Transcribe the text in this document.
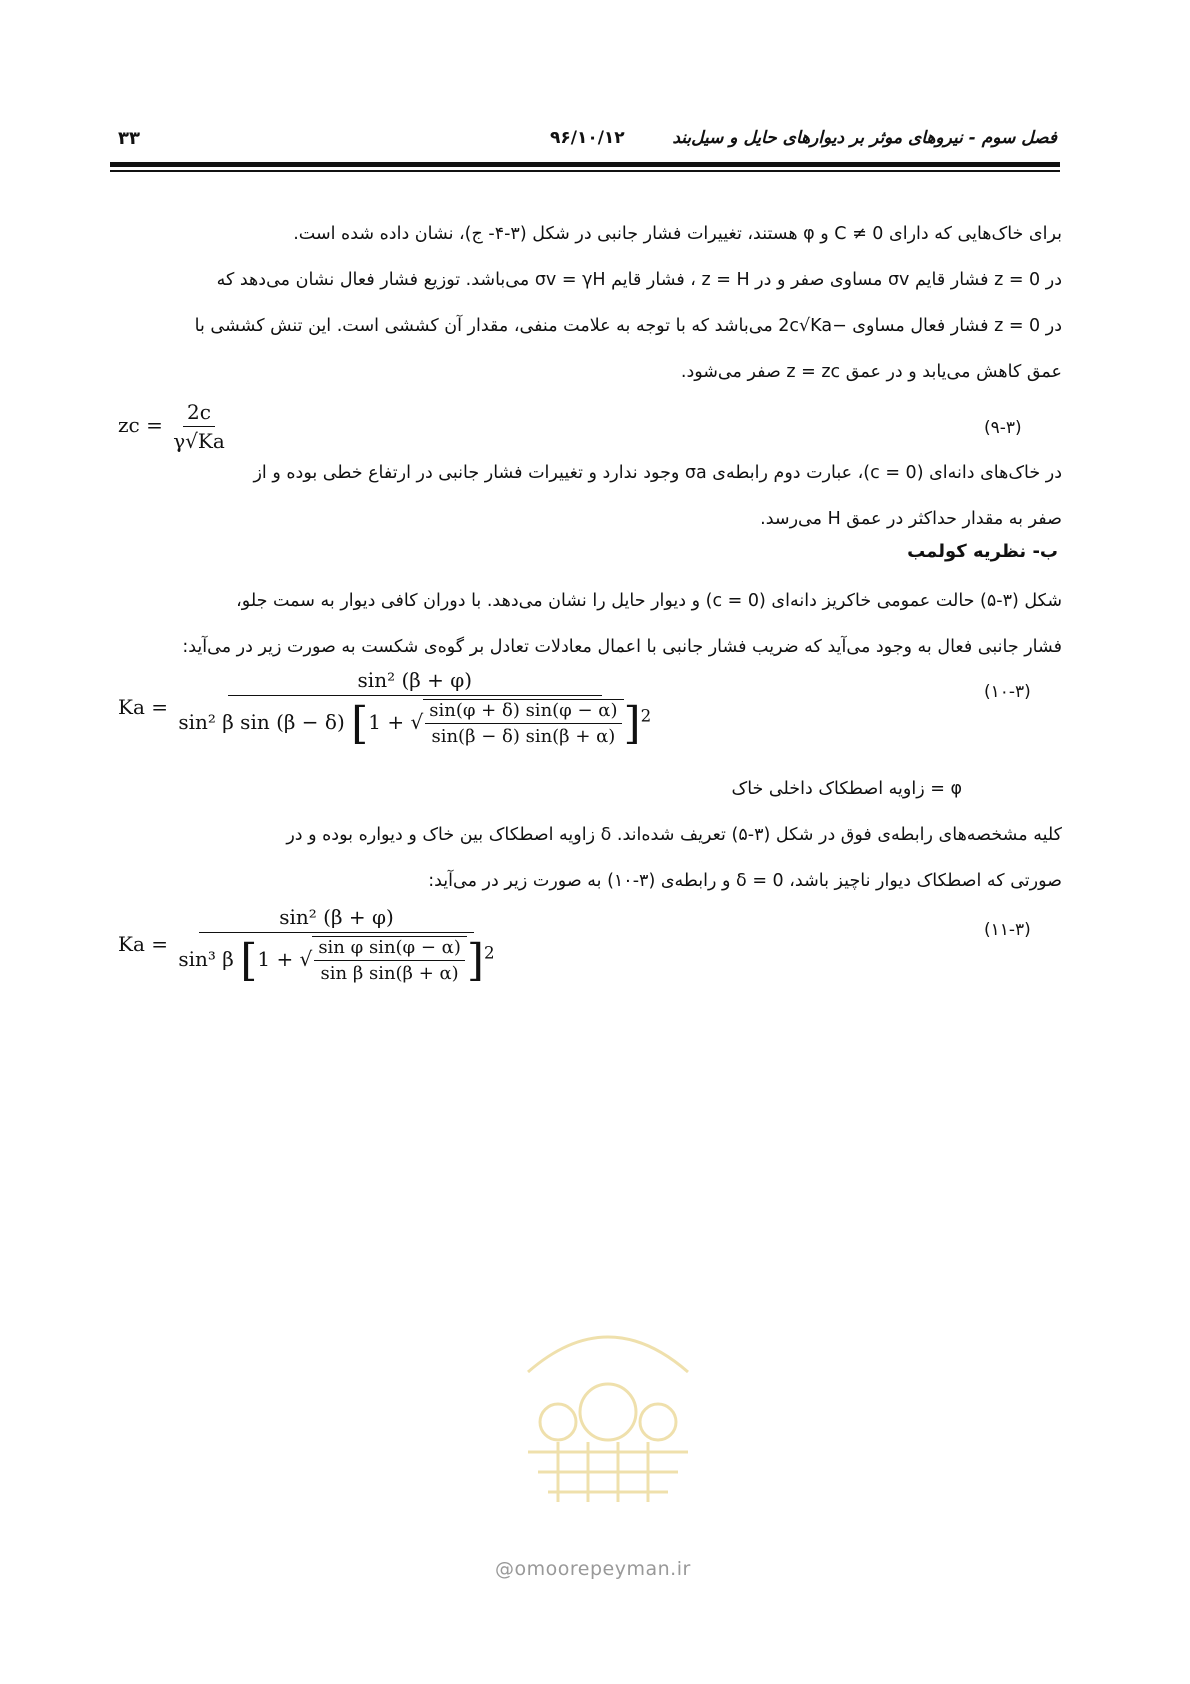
فصل سوم - نیروهای موثر بر دیوارهای حایل و سیل‌بند
۹۶/۱۰/۱۲
۳۳
برای خاک‌هایی که دارای C ≠ 0 و φ هستند، تغییرات فشار جانبی در شکل (۳-۴- ج)، نشان داده شده است.
در z = 0 فشار قایم σv مساوی صفر و در z = H ، فشار قایم σv = γH می‌باشد. توزیع فشار فعال نشان می‌دهد که
در z = 0 فشار فعال مساوی −2c√Ka می‌باشد که با توجه به علامت منفی، مقدار آن کششی است. این تنش کششی با
عمق کاهش می‌یابد و در عمق z = zc صفر می‌شود.
zc = $\frac{2c}{\gamma√Ka}$	(۹-۳)
در خاک‌های دانه‌ای (c = 0)، عبارت دوم رابطه‌ی σa وجود ندارد و تغییرات فشار جانبی در ارتفاع خطی بوده و از
صفر به مقدار حداکثر در عمق H می‌رسد.
ب- نظریه کولمب
شکل (۳-۵) حالت عمومی خاکریز دانه‌ای (c = 0) و دیوار حایل را نشان می‌دهد. با دوران کافی دیوار به سمت جلو،
فشار جانبی فعال به وجود می‌آید که ضریب فشار جانبی با اعمال معادلات تعادل بر گوه‌ی شکست به صورت زیر در می‌آید:
Ka =
sin² (β + φ)
sin² β sin (β − δ) [1 + √ $\frac{\sin(\varphi + \delta) \sin(\varphi - \alpha)}{\sin(\beta - \delta) \sin(\beta + \alpha)} ]^2$
(۱۰-۳)
φ = زاویه اصطکاک داخلی خاک
کلیه مشخصه‌های رابطه‌ی فوق در شکل (۳-۵) تعریف شده‌اند. δ زاویه اصطکاک بین خاک و دیواره بوده و در
صورتی که اصطکاک دیوار ناچیز باشد، δ = 0 و رابطه‌ی (۳-۱۰) به صورت زیر در می‌آید:
Ka =
sin² (β + φ)
sin³ β [1 + √ $\frac{\text{sin φ sin(φ − α)}}{\text{sin β sin(β + α)}} ]^2$
(۱۱-۳)
@omoorepeyman.ir
